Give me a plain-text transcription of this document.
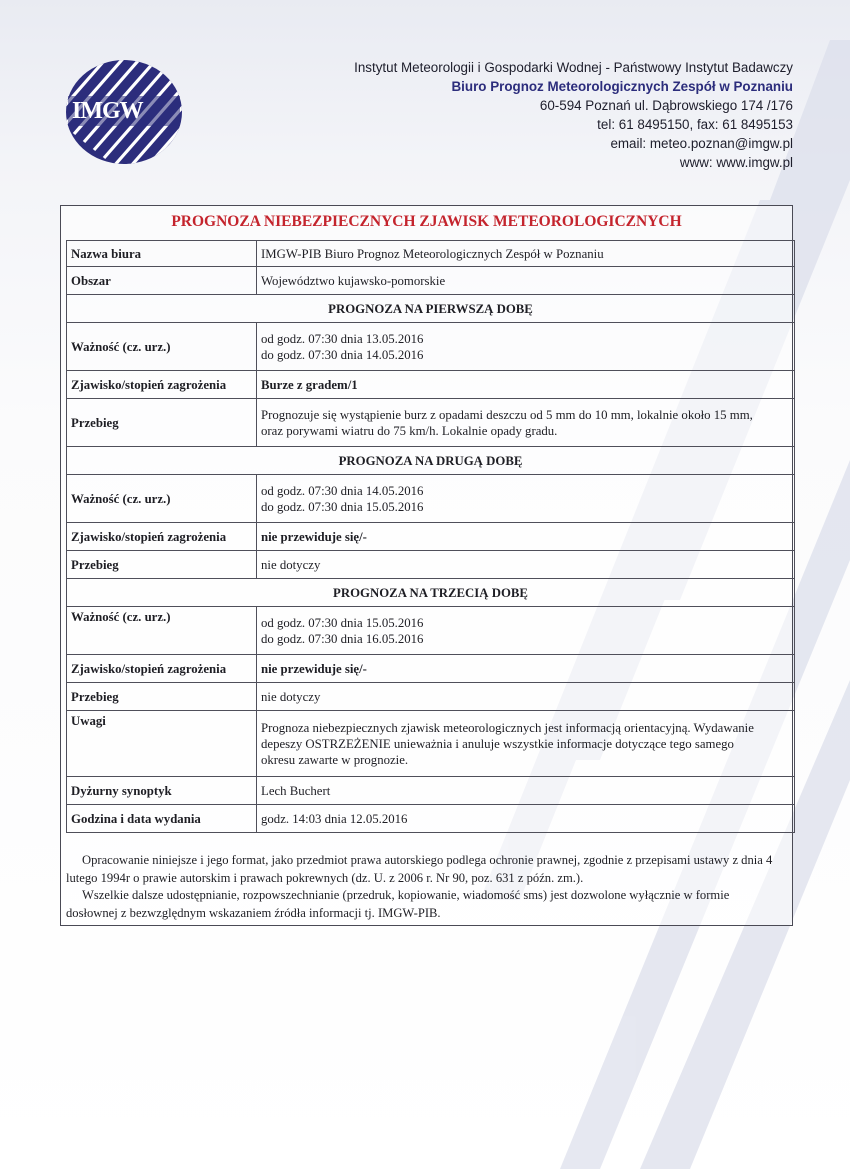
IMGW
Instytut Meteorologii i Gospodarki Wodnej - Państwowy Instytut Badawczy
Biuro Prognoz Meteorologicznych Zespół w Poznaniu
60-594 Poznań ul. Dąbrowskiego 174 /176
tel: 61 8495150, fax: 61 8495153
email: meteo.poznan@imgw.pl
www: www.imgw.pl
PROGNOZA NIEBEZPIECZNYCH ZJAWISK METEOROLOGICZNYCH
Nazwa biura	IMGW-PIB Biuro Prognoz Meteorologicznych Zespół w Poznaniu
Obszar	Województwo kujawsko-pomorskie
PROGNOZA NA PIERWSZĄ DOBĘ	
Ważność (cz. urz.)	od godz. 07:30 dnia 13.05.2016
do godz. 07:30 dnia 14.05.2016

Zjawisko/stopień zagrożenia	Burze z gradem/1
Przebieg	Prognozuje się wystąpienie burz z opadami deszczu od 5 mm do 10 mm, lokalnie około 15 mm,
oraz porywami wiatru do 75 km/h. Lokalnie opady gradu.

PROGNOZA NA DRUGĄ DOBĘ	
Ważność (cz. urz.)	od godz. 07:30 dnia 14.05.2016
do godz. 07:30 dnia 15.05.2016

Zjawisko/stopień zagrożenia	nie przewiduje się/-
Przebieg	nie dotyczy
PROGNOZA NA TRZECIĄ DOBĘ	
Ważność (cz. urz.)	od godz. 07:30 dnia 15.05.2016
do godz. 07:30 dnia 16.05.2016

Zjawisko/stopień zagrożenia	nie przewiduje się/-
Przebieg	nie dotyczy
Uwagi	Prognoza niebezpiecznych zjawisk meteorologicznych jest informacją orientacyjną. Wydawanie
depeszy OSTRZEŻENIE unieważnia i anuluje wszystkie informacje dotyczące tego samego
okresu zawarte w prognozie.

Dyżurny synoptyk	Lech Buchert
Godzina i data wydania	godz. 14:03 dnia 12.05.2016

Opracowanie niniejsze i jego format, jako przedmiot prawa autorskiego podlega ochronie prawnej, zgodnie z przepisami ustawy z dnia 4 lutego 1994r o prawie autorskim i prawach pokrewnych (dz. U. z 2006 r. Nr 90, poz. 631 z późn. zm.).

Wszelkie dalsze udostępnianie, rozpowszechnianie (przedruk, kopiowanie, wiadomość sms) jest dozwolone wyłącznie w formie dosłownej z bezwzględnym wskazaniem źródła informacji tj. IMGW-PIB.
